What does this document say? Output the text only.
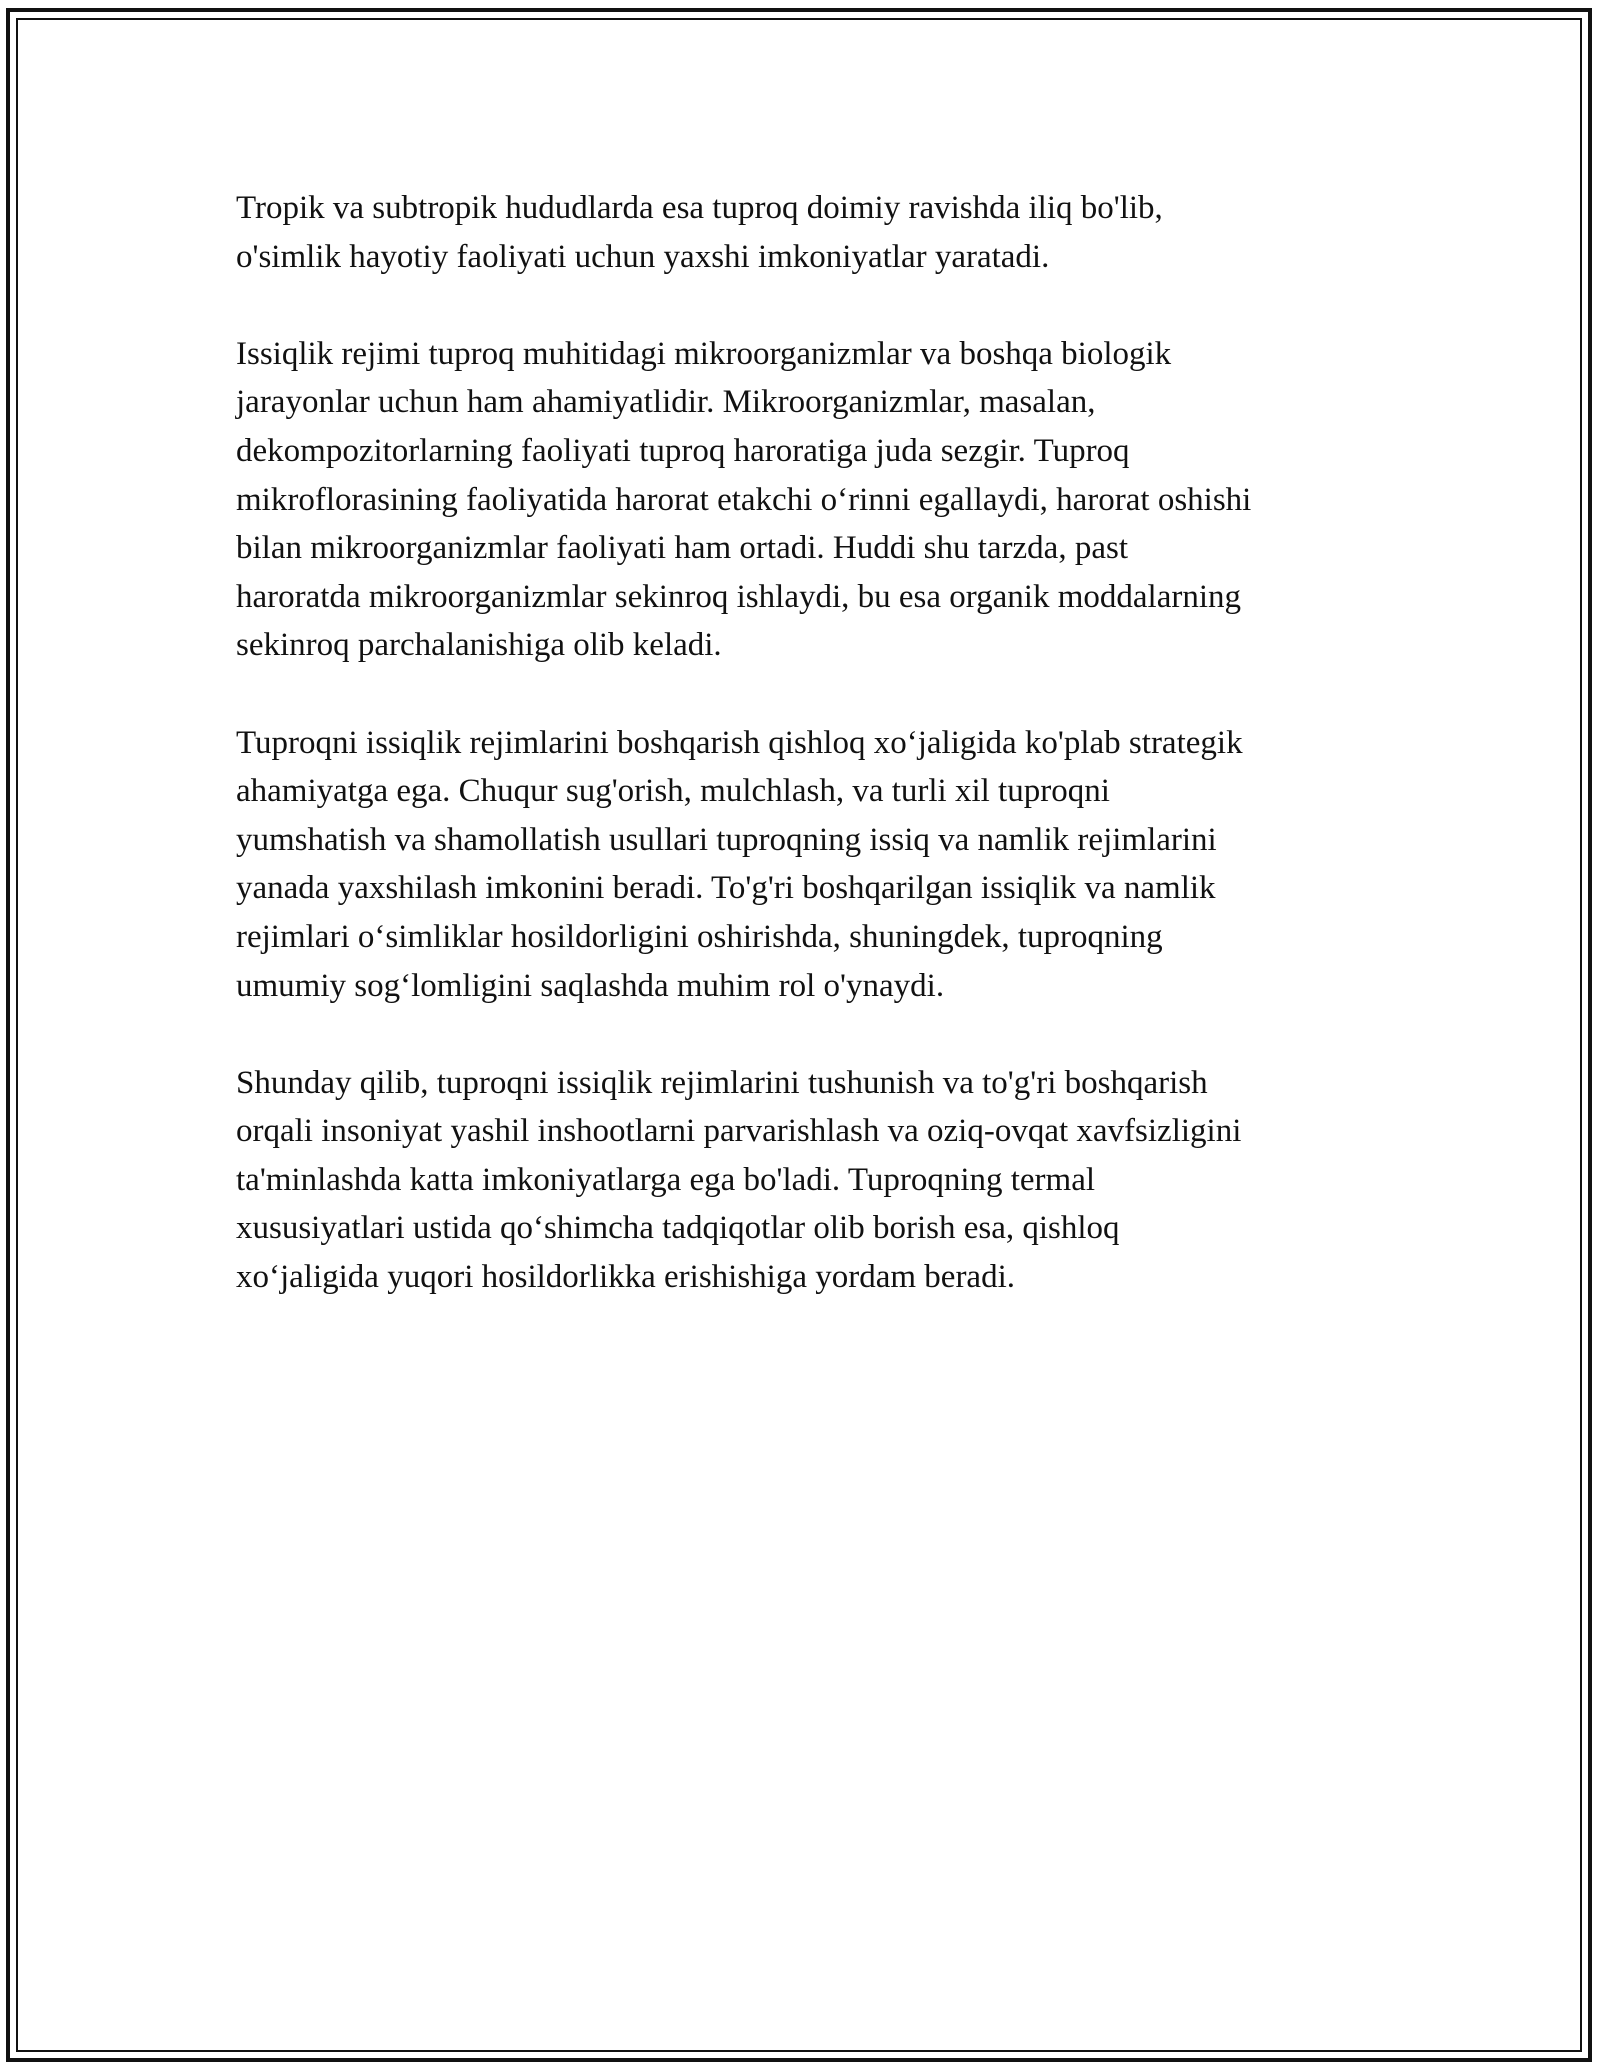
Tropik va subtropik hududlarda esa tuproq doimiy ravishda iliq bo'lib,
o'simlik hayotiy faoliyati uchun yaxshi imkoniyatlar yaratadi.

Issiqlik rejimi tuproq muhitidagi mikroorganizmlar va boshqa biologik
jarayonlar uchun ham ahamiyatlidir. Mikroorganizmlar, masalan,
dekompozitorlarning faoliyati tuproq haroratiga juda sezgir. Tuproq
mikroflorasining faoliyatida harorat etakchi o‘rinni egallaydi, harorat oshishi
bilan mikroorganizmlar faoliyati ham ortadi. Huddi shu tarzda, past
haroratda mikroorganizmlar sekinroq ishlaydi, bu esa organik moddalarning
sekinroq parchalanishiga olib keladi.

Tuproqni issiqlik rejimlarini boshqarish qishloq xo‘jaligida ko'plab strategik
ahamiyatga ega. Chuqur sug'orish, mulchlash, va turli xil tuproqni
yumshatish va shamollatish usullari tuproqning issiq va namlik rejimlarini
yanada yaxshilash imkonini beradi. To'g'ri boshqarilgan issiqlik va namlik
rejimlari o‘simliklar hosildorligini oshirishda, shuningdek, tuproqning
umumiy sog‘lomligini saqlashda muhim rol o'ynaydi.

Shunday qilib, tuproqni issiqlik rejimlarini tushunish va to'g'ri boshqarish
orqali insoniyat yashil inshootlarni parvarishlash va oziq-ovqat xavfsizligini
ta'minlashda katta imkoniyatlarga ega bo'ladi. Tuproqning termal
xususiyatlari ustida qo‘shimcha tadqiqotlar olib borish esa, qishloq
xo‘jaligida yuqori hosildorlikka erishishiga yordam beradi.
